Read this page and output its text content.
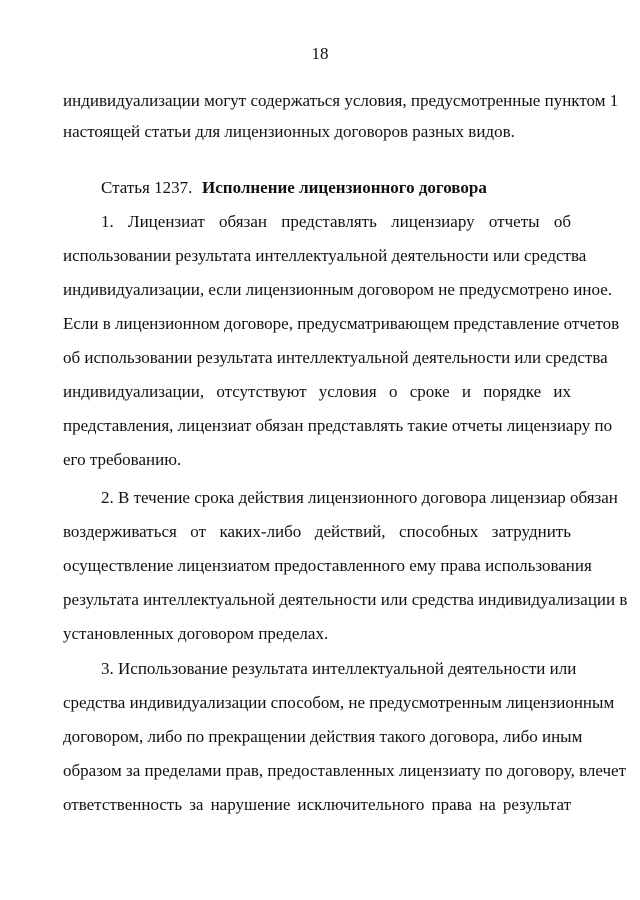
18
индивидуализации могут содержаться условия, предусмотренные пунктом 1
настоящей статьи для лицензионных договоров разных видов.
Статья 1237. Исполнение лицензионного договора
1. Лицензиат обязан представлять лицензиару отчеты об
использовании результата интеллектуальной деятельности или средства
индивидуализации, если лицензионным договором не предусмотрено иное.
Если в лицензионном договоре, предусматривающем представление отчетов
об использовании результата интеллектуальной деятельности или средства
индивидуализации, отсутствуют условия о сроке и порядке их
представления, лицензиат обязан представлять такие отчеты лицензиару по
его требованию.
2. В течение срока действия лицензионного договора лицензиар обязан
воздерживаться от каких-либо действий, способных затруднить
осуществление лицензиатом предоставленного ему права использования
результата интеллектуальной деятельности или средства индивидуализации в
установленных договором пределах.
3. Использование результата интеллектуальной деятельности или
средства индивидуализации способом, не предусмотренным лицензионным
договором, либо по прекращении действия такого договора, либо иным
образом за пределами прав, предоставленных лицензиату по договору, влечет
ответственность за нарушение исключительного права на результат
